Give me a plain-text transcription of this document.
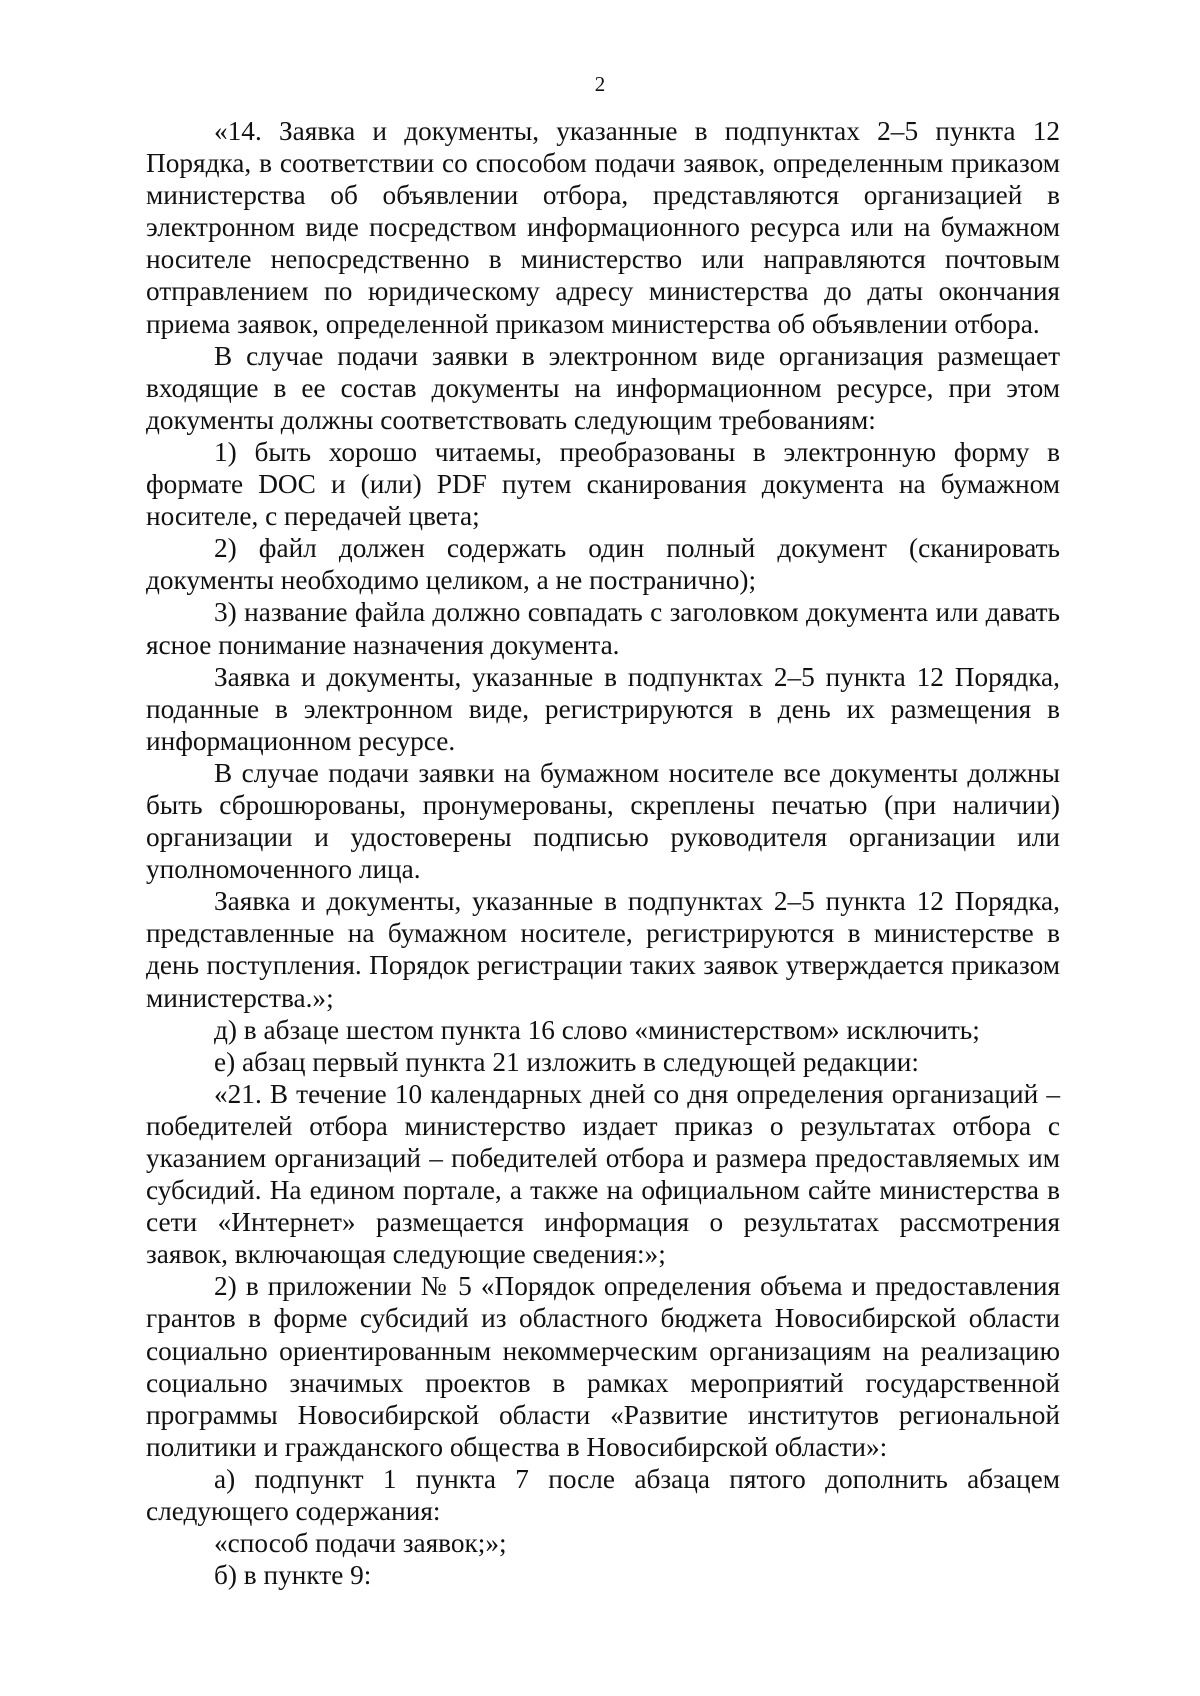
2

«14. Заявка и документы, указанные в подпунктах 2–5 пункта 12 Порядка, в соответствии со способом подачи заявок, определенным приказом министерства об объявлении отбора, представляются организацией в электронном виде посредством информационного ресурса или на бумажном носителе непосредственно в министерство или направляются почтовым отправлением по юридическому адресу министерства до даты окончания приема заявок, определенной приказом министерства об объявлении отбора.

В случае подачи заявки в электронном виде организация размещает входящие в ее состав документы на информационном ресурсе, при этом документы должны соответствовать следующим требованиям:

1) быть хорошо читаемы, преобразованы в электронную форму в формате DOC и (или) PDF путем сканирования документа на бумажном носителе, с передачей цвета;

2) файл должен содержать один полный документ (сканировать документы необходимо целиком, а не постранично);

3) название файла должно совпадать с заголовком документа или давать ясное понимание назначения документа.

Заявка и документы, указанные в подпунктах 2–5 пункта 12 Порядка, поданные в электронном виде, регистрируются в день их размещения в информационном ресурсе.

В случае подачи заявки на бумажном носителе все документы должны быть сброшюрованы, пронумерованы, скреплены печатью (при наличии) организации и удостоверены подписью руководителя организации или уполномоченного лица.

Заявка и документы, указанные в подпунктах 2–5 пункта 12 Порядка, представленные на бумажном носителе, регистрируются в министерстве в день поступления. Порядок регистрации таких заявок утверждается приказом министерства.»;

д) в абзаце шестом пункта 16 слово «министерством» исключить;

е) абзац первый пункта 21 изложить в следующей редакции:

«21. В течение 10 календарных дней со дня определения организаций – победителей отбора министерство издает приказ о результатах отбора с указанием организаций – победителей отбора и размера предоставляемых им субсидий. На едином портале, а также на официальном сайте министерства в сети «Интернет» размещается информация о результатах рассмотрения заявок, включающая следующие сведения:»;

2) в приложении № 5 «Порядок определения объема и предоставления грантов в форме субсидий из областного бюджета Новосибирской области социально ориентированным некоммерческим организациям на реализацию социально значимых проектов в рамках мероприятий государственной программы Новосибирской области «Развитие институтов региональной политики и гражданского общества в Новосибирской области»:

а) подпункт 1 пункта 7 после абзаца пятого дополнить абзацем следующего содержания:

«способ подачи заявок;»;

б) в пункте 9:
